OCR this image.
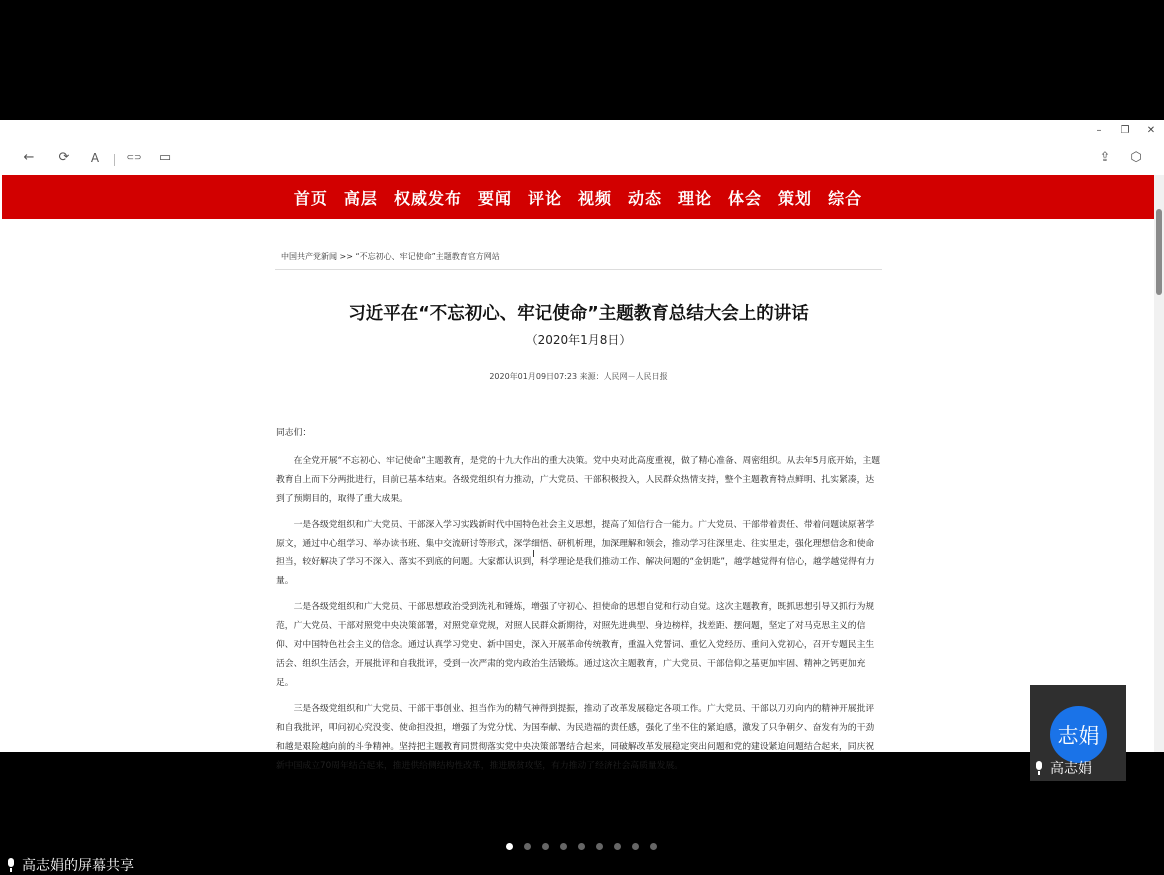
–	❐ ✕
← ⟳	A	⊂⊃ ▭	⇪ ⬡
首页 高层 权威发布 要闻 评论 视频 动态 理论 体会 策划 综合
中国共产党新闻 >> “不忘初心、牢记使命”主题教育官方网站
习近平在“不忘初心、牢记使命”主题教育总结大会上的讲话
（2020年1月8日）
2020年01月09日07:23 来源：人民网－人民日报

同志们：

在全党开展“不忘初心、牢记使命”主题教育，是党的十九大作出的重大决策。党中央对此高度重视，做了精心准备、周密组织。从去年5月底开始，主题教育自上而下分两批进行，目前已基本结束。各级党组织有力推动，广大党员、干部积极投入，人民群众热情支持，整个主题教育特点鲜明、扎实紧凑，达到了预期目的，取得了重大成果。

一是各级党组织和广大党员、干部深入学习实践新时代中国特色社会主义思想，提高了知信行合一能力。广大党员、干部带着责任、带着问题读原著学原文，通过中心组学习、举办读书班、集中交流研讨等形式，深学细悟、研机析理，加深理解和领会，推动学习往深里走、往实里走，强化理想信念和使命担当，较好解决了学习不深入、落实不到底的问题。大家都认识到，科学理论是我们推动工作、解决问题的“金钥匙”，越学越觉得有信心，越学越觉得有力量。

二是各级党组织和广大党员、干部思想政治受到洗礼和锤炼，增强了守初心、担使命的思想自觉和行动自觉。这次主题教育，既抓思想引导又抓行为规范，广大党员、干部对照党中央决策部署，对照党章党规，对照人民群众新期待，对照先进典型、身边榜样，找差距、摆问题，坚定了对马克思主义的信仰、对中国特色社会主义的信念。通过认真学习党史、新中国史，深入开展革命传统教育，重温入党誓词、重忆入党经历、重问入党初心，召开专题民主生活会、组织生活会，开展批评和自我批评，受到一次严肃的党内政治生活锻炼。通过这次主题教育，广大党员、干部信仰之基更加牢固、精神之钙更加充足。

三是各级党组织和广大党员、干部干事创业、担当作为的精气神得到提振，推动了改革发展稳定各项工作。广大党员、干部以刀刃向内的精神开展批评和自我批评，叩问初心究没变、使命担没担，增强了为党分忧、为国奉献、为民造福的责任感，强化了坐不住的紧迫感，激发了只争朝夕、奋发有为的干劲和越是艰险越向前的斗争精神。坚持把主题教育同贯彻落实党中央决策部署结合起来，同破解改革发展稳定突出问题和党的建设紧迫问题结合起来，同庆祝新中国成立70周年结合起来，推进供给侧结构性改革，推进脱贫攻坚，有力推动了经济社会高质量发展。

I
志娟
高志娟
高志娟的屏幕共享
